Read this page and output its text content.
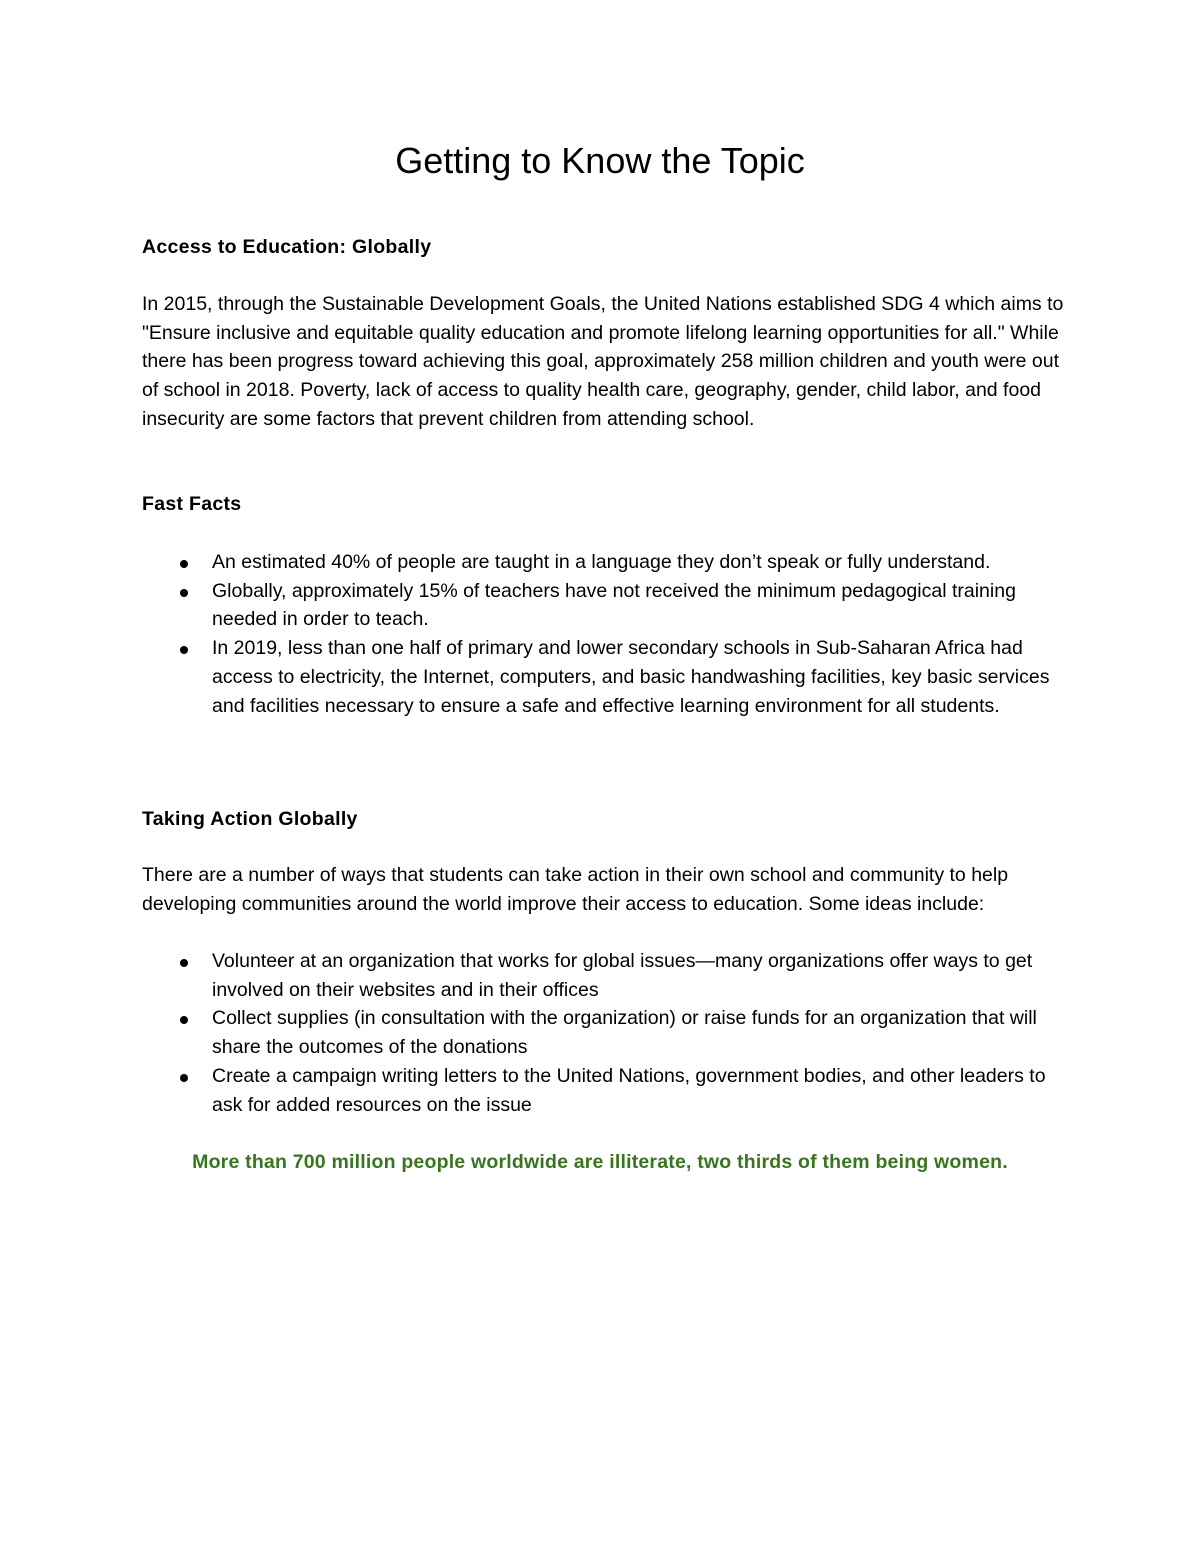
Getting to Know the Topic
Access to Education: Globally

In 2015, through the Sustainable Development Goals, the United Nations established SDG 4 which aims to "Ensure inclusive and equitable quality education and promote lifelong learning opportunities for all." While there has been progress toward achieving this goal, approximately 258 million children and youth were out of school in 2018. Poverty, lack of access to quality health care, geography, gender, child labor, and food insecurity are some factors that prevent children from attending school.

Fast Facts
An estimated 40% of people are taught in a language they don’t speak or fully understand.
Globally, approximately 15% of teachers have not received the minimum pedagogical training needed in order to teach.
In 2019, less than one half of primary and lower secondary schools in Sub-Saharan Africa had access to electricity, the Internet, computers, and basic handwashing facilities, key basic services and facilities necessary to ensure a safe and effective learning environment for all students.
Taking Action Globally

There are a number of ways that students can take action in their own school and community to help developing communities around the world improve their access to education. Some ideas include:

Volunteer at an organization that works for global issues—many organizations offer ways to get involved on their websites and in their offices
Collect supplies (in consultation with the organization) or raise funds for an organization that will share the outcomes of the donations
Create a campaign writing letters to the United Nations, government bodies, and other leaders to ask for added resources on the issue

More than 700 million people worldwide are illiterate, two thirds of them being women.
